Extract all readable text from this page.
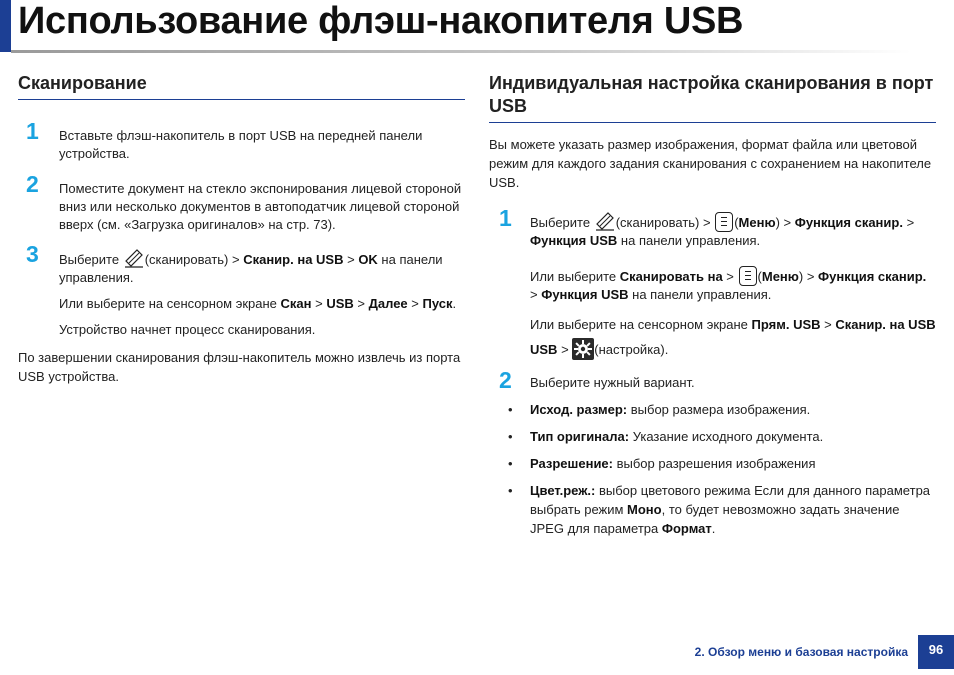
Использование флэш-накопителя USB
Сканирование
1 Вставьте флэш-накопитель в порт USB на передней панели устройства.
2 Поместите документ на стекло экспонирования лицевой стороной вниз или несколько документов в автоподатчик лицевой стороной вверх (см. «Загрузка оригиналов» на стр. 73).
3 Выберите (сканировать) > Сканир. на USB > OK на панели управления.
Или выберите на сенсорном экране Скан > USB > Далее > Пуск.
Устройство начнет процесс сканирования.

По завершении сканирования флэш-накопитель можно извлечь из порта USB устройства.

Индивидуальная настройка сканирования в порт USB

Вы можете указать размер изображения, формат файла или цветовой режим для каждого задания сканирования с сохранением на накопителе USB.

1 Выберите (сканировать) >
(Меню) > Функция сканир. > Функция USB на панели управления.
Или выберите Сканировать на >
(Меню) > Функция сканир. > Функция USB на панели управления.
Или выберите на сенсорном экране Прям. USB > Сканир. на USB
USB > (настройка).
2 Выберите нужный вариант.
• Исход. размер: выбор размера изображения.
• Тип оригинала: Указание исходного документа.
• Разрешение: выбор разрешения изображения
• Цвет.реж.: выбор цветового режима Если для данного параметра выбрать режим Моно, то будет невозможно задать значение JPEG для параметра Формат.
2. Обзор меню и базовая настройка	96
